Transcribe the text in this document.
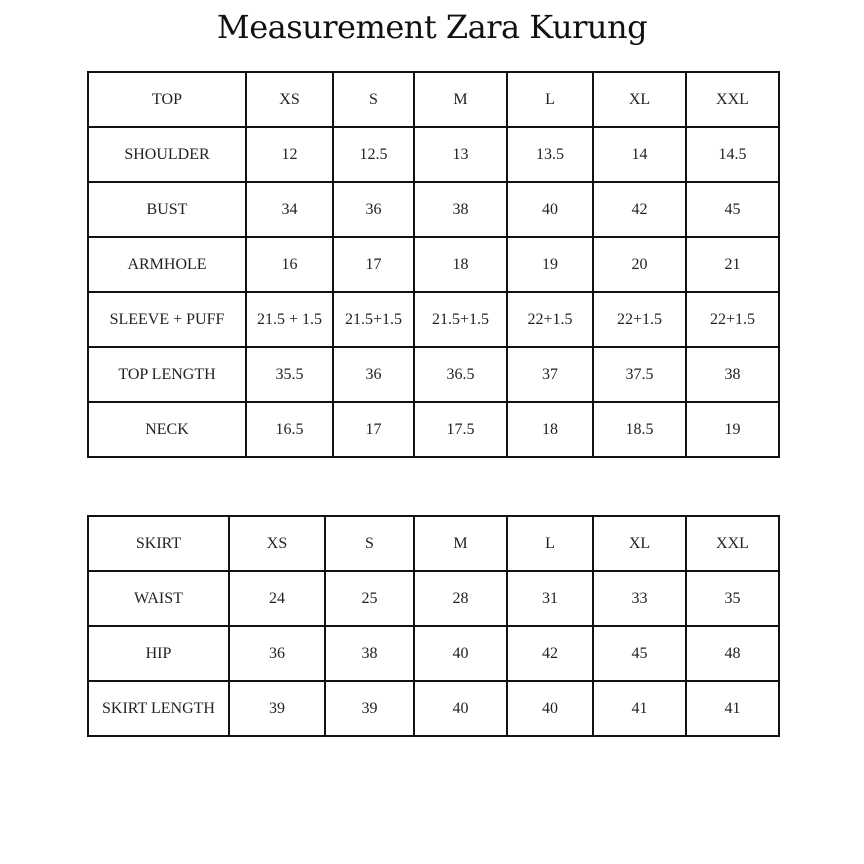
Measurement Zara Kurung
TOP	XS	S	M	L	XL	XXL
SHOULDER	12	12.5	13	13.5	14	14.5
BUST	34	36	38	40	42	45
ARMHOLE	16	17	18	19	20	21
SLEEVE + PUFF	21.5 + 1.5	21.5+1.5	21.5+1.5	22+1.5	22+1.5	22+1.5
TOP LENGTH	35.5	36	36.5	37	37.5	38
NECK	16.5	17	17.5	18	18.5	19
SKIRT	XS	S	M	L	XL	XXL
WAIST	24	25	28	31	33	35
HIP	36	38	40	42	45	48
SKIRT LENGTH	39	39	40	40	41	41
